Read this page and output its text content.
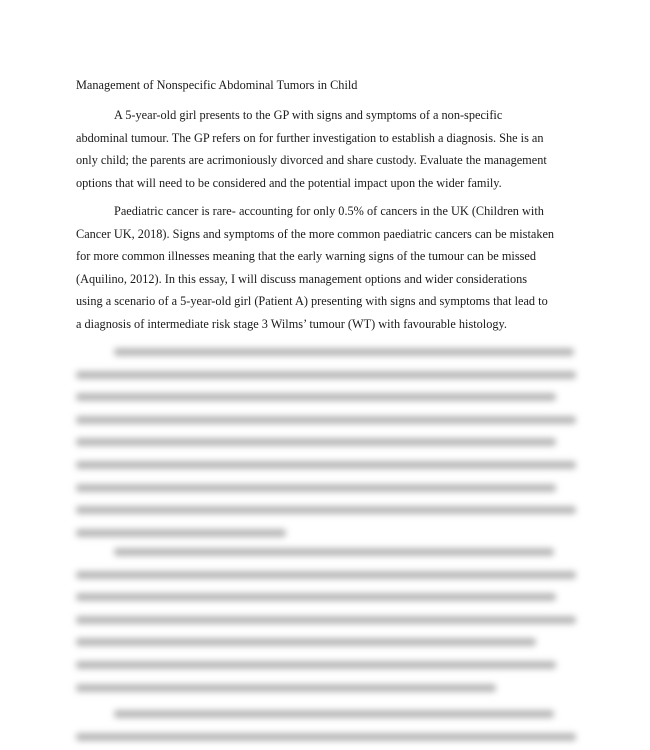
Management of Nonspecific Abdominal Tumors in Child
A 5-year-old girl presents to the GP with signs and symptoms of a non-specific
abdominal tumour. The GP refers on for further investigation to establish a diagnosis. She is an
only child; the parents are acrimoniously divorced and share custody. Evaluate the management
options that will need to be considered and the potential impact upon the wider family.
Paediatric cancer is rare- accounting for only 0.5% of cancers in the UK (Children with
Cancer UK, 2018). Signs and symptoms of the more common paediatric cancers can be mistaken
for more common illnesses meaning that the early warning signs of the tumour can be missed
(Aquilino, 2012). In this essay, I will discuss management options and wider considerations
using a scenario of a 5-year-old girl (Patient A) presenting with signs and symptoms that lead to
a diagnosis of intermediate risk stage 3 Wilms’ tumour (WT) with favourable histology.
